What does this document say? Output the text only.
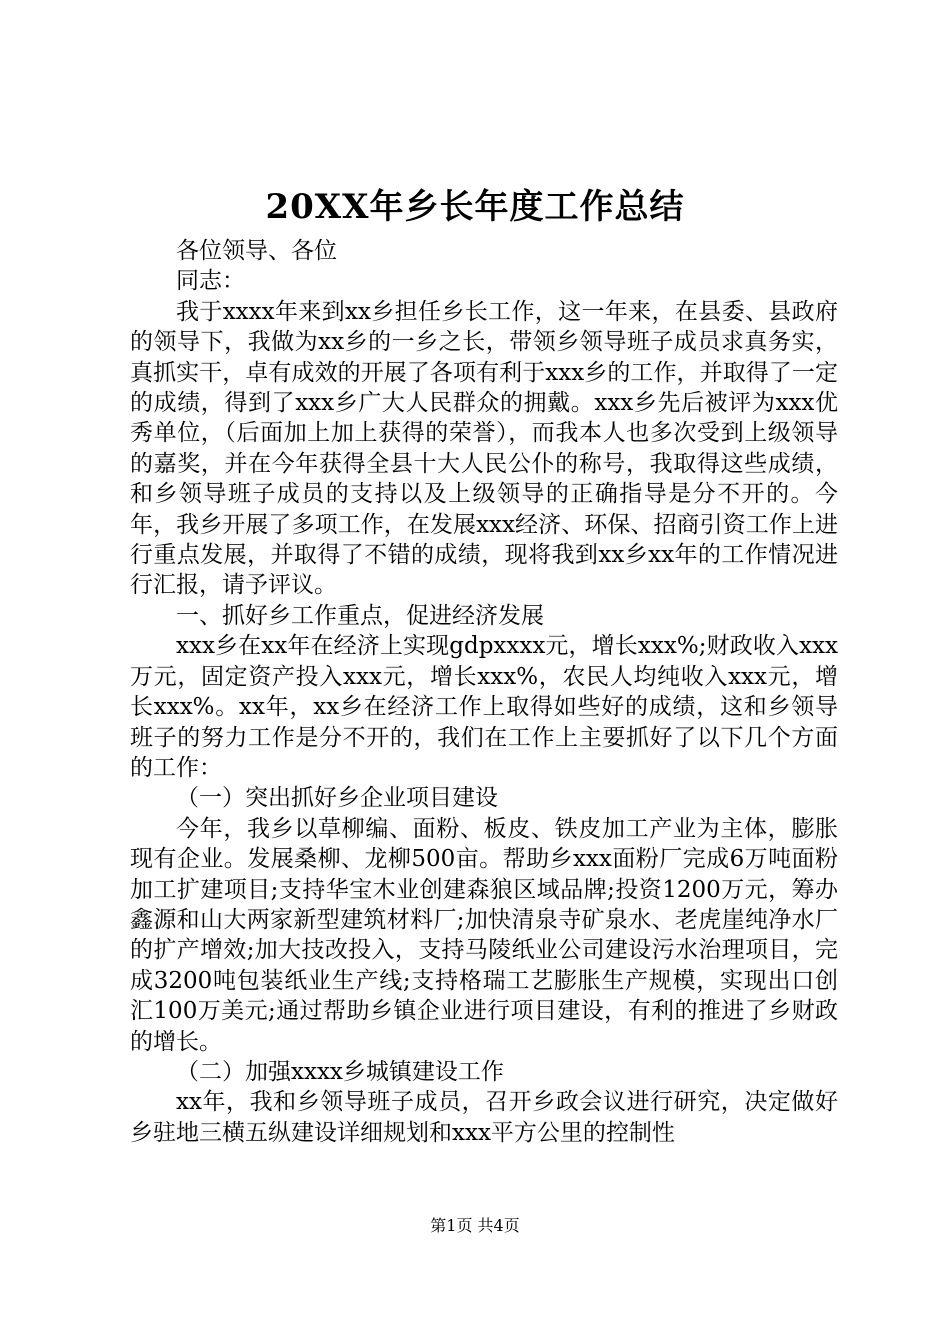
20XX年乡长年度工作总结

各位领导、各位

同志：

我于xxxx年来到xx乡担任乡长工作，这一年来，在县委、县政府的领导下，我做为xx乡的一乡之长，带领乡领导班子成员求真务实，真抓实干，卓有成效的开展了各项有利于xxx乡的工作，并取得了一定的成绩，得到了xxx乡广大人民群众的拥戴。xxx乡先后被评为xxx优秀单位，（后面加上加上获得的荣誉），而我本人也多次受到上级领导的嘉奖，并在今年获得全县十大人民公仆的称号，我取得这些成绩，和乡领导班子成员的支持以及上级领导的正确指导是分不开的。今年，我乡开展了多项工作，在发展xxx经济、环保、招商引资工作上进行重点发展，并取得了不错的成绩，现将我到xx乡xx年的工作情况进行汇报，请予评议。

一、抓好乡工作重点，促进经济发展

xxx乡在xx年在经济上实现gdpxxxx元，增长xxx%;财政收入xxx万元，固定资产投入xxx元，增长xxx%，农民人均纯收入xxx元，增长xxx%。xx年，xx乡在经济工作上取得如些好的成绩，这和乡领导班子的努力工作是分不开的，我们在工作上主要抓好了以下几个方面的工作：

（一）突出抓好乡企业项目建设

今年，我乡以草柳编、面粉、板皮、铁皮加工产业为主体，膨胀现有企业。发展桑柳、龙柳500亩。帮助乡xxx面粉厂完成6万吨面粉加工扩建项目;支持华宝木业创建森狼区域品牌;投资1200万元，筹办鑫源和山大两家新型建筑材料厂;加快清泉寺矿泉水、老虎崖纯净水厂的扩产增效;加大技改投入，支持马陵纸业公司建设污水治理项目，完成3200吨包装纸业生产线;支持格瑞工艺膨胀生产规模，实现出口创汇100万美元;通过帮助乡镇企业进行项目建设，有利的推进了乡财政的增长。

（二）加强xxxx乡城镇建设工作

xx年，我和乡领导班子成员，召开乡政会议进行研究，决定做好乡驻地三横五纵建设详细规划和xxx平方公里的控制性

第1页 共4页
